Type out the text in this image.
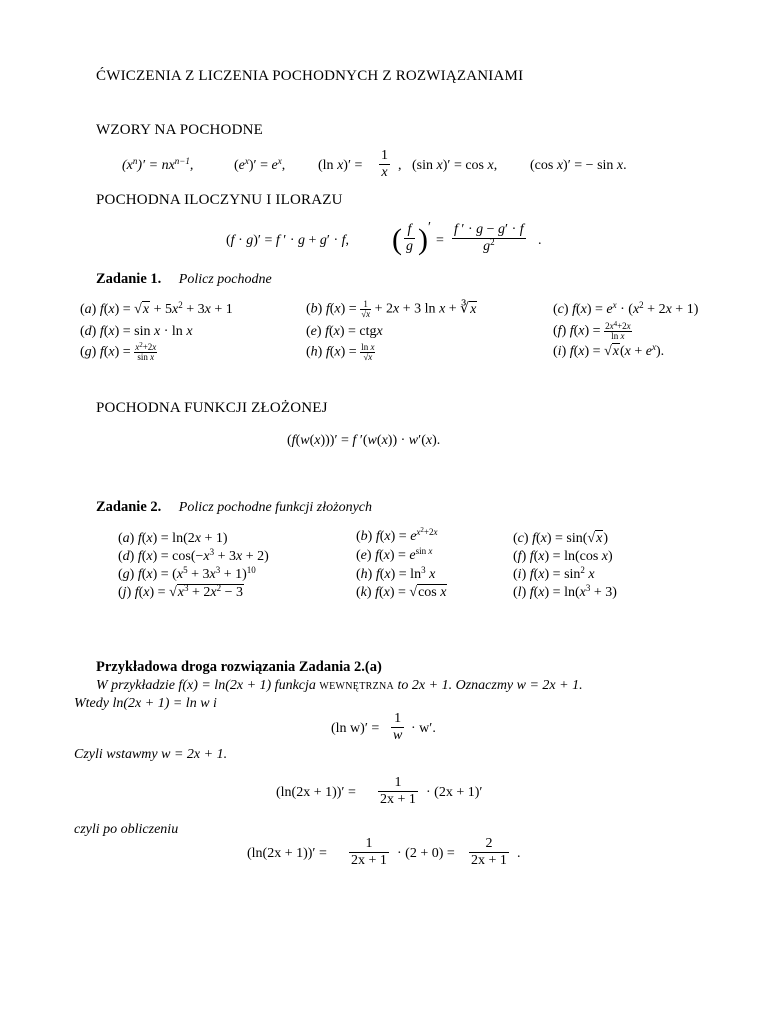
ĆWICZENIA Z LICZENIA POCHODNYCH Z ROZWIĄZANIAMI
WZORY NA POCHODNE
$(x^n)' = nx^{n-1}$,	$(e^x)' = e^x$, (ln $x)' = \frac{1}{x}$ , (sin x)′ = cos x, (cos x)′ = − sin x.
POCHODNA ILOCZYNU I ILORAZU
(f · g)′ = f ′ · g + g′ · f, ( $\frac{f}{g}$ ) ′
= $\frac{f ' \cdot g - g' \cdot f}{g^2}$ .
Zadanie 1. Policz pochodne
(a) $f(x) = √x + 5x^2 + 3x + 1$	(b) $f(x) = \frac{1}{√x} + 2x + 3$ ln x + ∛x	(c) $f(x) = e^x \cdot (x^2 + 2x + 1)$
(d) f(x) = sin x · ln x	(e) f(x) = ctgx	(f) $f(x) = \frac{2x^4+2x}{\text{ln x}}$
(g) $f(x) = \frac{x^2+2x}{\text{sin x}}$	(h) $f(x) = \frac{\text{ln x}}{√x}$	(i) $f(x) = √x(x + e^x)$.
POCHODNA FUNKCJI ZŁOŻONEJ
(f(w(x)))′ = f ′(w(x)) · w′(x).
Zadanie 2. Policz pochodne funkcji złożonych
(a) f(x) = ln(2x + 1)	(b) $f(x) = e^{x^2+2x}$	(c) f(x) = sin(√x)
(d) $f(x) = \cos(-x^3 + 3x + 2)$	(e) $f(x) = e^{sin x}$	(f) f(x) = ln(cos x)
(g) $f(x) = (x^5 + 3x^3 + 1)^{10}$	(h) $f(x) = \ln^3 x$	(i) $f(x) = \sin^2 x$
(j) $f(x) = √x^3 + 2x^2 - 3$	(k) f(x) = √cos x	(l) $f(x) = \ln(x^3 + 3)$
Przykładowa droga rozwiązania Zadania 2.(a)
W przykładzie f(x) = ln(2x + 1) funkcja wewnętrzna to 2x + 1. Oznaczmy w = 2x + 1.
Wtedy ln(2x + 1) = ln w i
(ln $w)' = \frac{1}{w} \cdot w'$.
Czyli wstawmy w = 2x + 1.
$(\ln(2x + 1))' = \frac{1}{2x + 1} \cdot (2x + 1)'$
czyli po obliczeniu
$(\ln(2x + 1))' = \frac{1}{2x + 1} \cdot (2 + 0) = \frac{2}{2x + 1}$ .
